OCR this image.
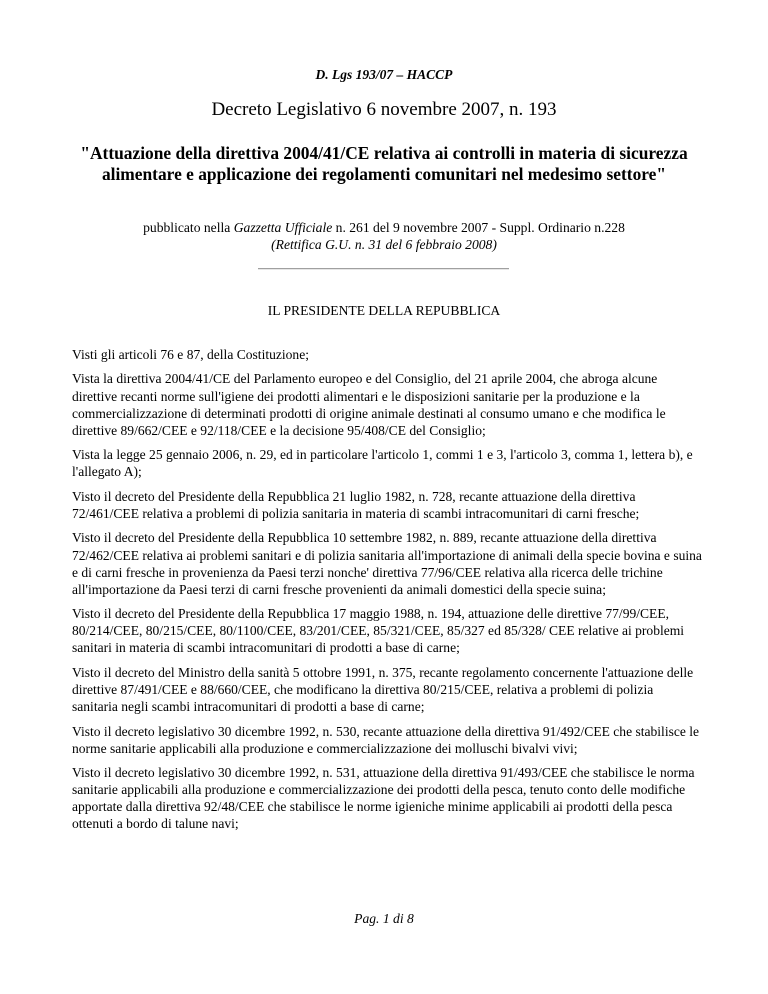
D. Lgs 193/07 – HACCP
Decreto Legislativo 6 novembre 2007, n. 193
"Attuazione della direttiva 2004/41/CE relativa ai controlli in materia di sicurezza alimentare e applicazione dei regolamenti comunitari nel medesimo settore"
pubblicato nella Gazzetta Ufficiale n. 261 del 9 novembre 2007 - Suppl. Ordinario n.228
(Rettifica G.U. n. 31 del 6 febbraio 2008)
IL PRESIDENTE DELLA REPUBBLICA

Visti gli articoli 76 e 87, della Costituzione;

Vista la direttiva 2004/41/CE del Parlamento europeo e del Consiglio, del 21 aprile 2004, che abroga alcune direttive recanti norme sull'igiene dei prodotti alimentari e le disposizioni sanitarie per la produzione e la commercializzazione di determinati prodotti di origine animale destinati al consumo umano e che modifica le direttive 89/662/CEE e 92/118/CEE e la decisione 95/408/CE del Consiglio;

Vista la legge 25 gennaio 2006, n. 29, ed in particolare l'articolo 1, commi 1 e 3, l'articolo 3, comma 1, lettera b), e l'allegato A);

Visto il decreto del Presidente della Repubblica 21 luglio 1982, n. 728, recante attuazione della direttiva 72/461/CEE relativa a problemi di polizia sanitaria in materia di scambi intracomunitari di carni fresche;

Visto il decreto del Presidente della Repubblica 10 settembre 1982, n. 889, recante attuazione della direttiva 72/462/CEE relativa ai problemi sanitari e di polizia sanitaria all'importazione di animali della specie bovina e suina e di carni fresche in provenienza da Paesi terzi nonche' direttiva 77/96/CEE relativa alla ricerca delle trichine all'importazione da Paesi terzi di carni fresche provenienti da animali domestici della specie suina;

Visto il decreto del Presidente della Repubblica 17 maggio 1988, n. 194, attuazione delle direttive 77/99/CEE, 80/214/CEE, 80/215/CEE, 80/1100/CEE, 83/201/CEE, 85/321/CEE, 85/327 ed 85/328/ CEE relative ai problemi sanitari in materia di scambi intracomunitari di prodotti a base di carne;

Visto il decreto del Ministro della sanità 5 ottobre 1991, n. 375, recante regolamento concernente l'attuazione delle direttive 87/491/CEE e 88/660/CEE, che modificano la direttiva 80/215/CEE, relativa a problemi di polizia sanitaria negli scambi intracomunitari di prodotti a base di carne;

Visto il decreto legislativo 30 dicembre 1992, n. 530, recante attuazione della direttiva 91/492/CEE che stabilisce le norme sanitarie applicabili alla produzione e commercializzazione dei molluschi bivalvi vivi;

Visto il decreto legislativo 30 dicembre 1992, n. 531, attuazione della direttiva 91/493/CEE che stabilisce le norma sanitarie applicabili alla produzione e commercializzazione dei prodotti della pesca, tenuto conto delle modifiche apportate dalla direttiva 92/48/CEE che stabilisce le norme igieniche minime applicabili ai prodotti della pesca ottenuti a bordo di talune navi;

Pag. 1 di 8
